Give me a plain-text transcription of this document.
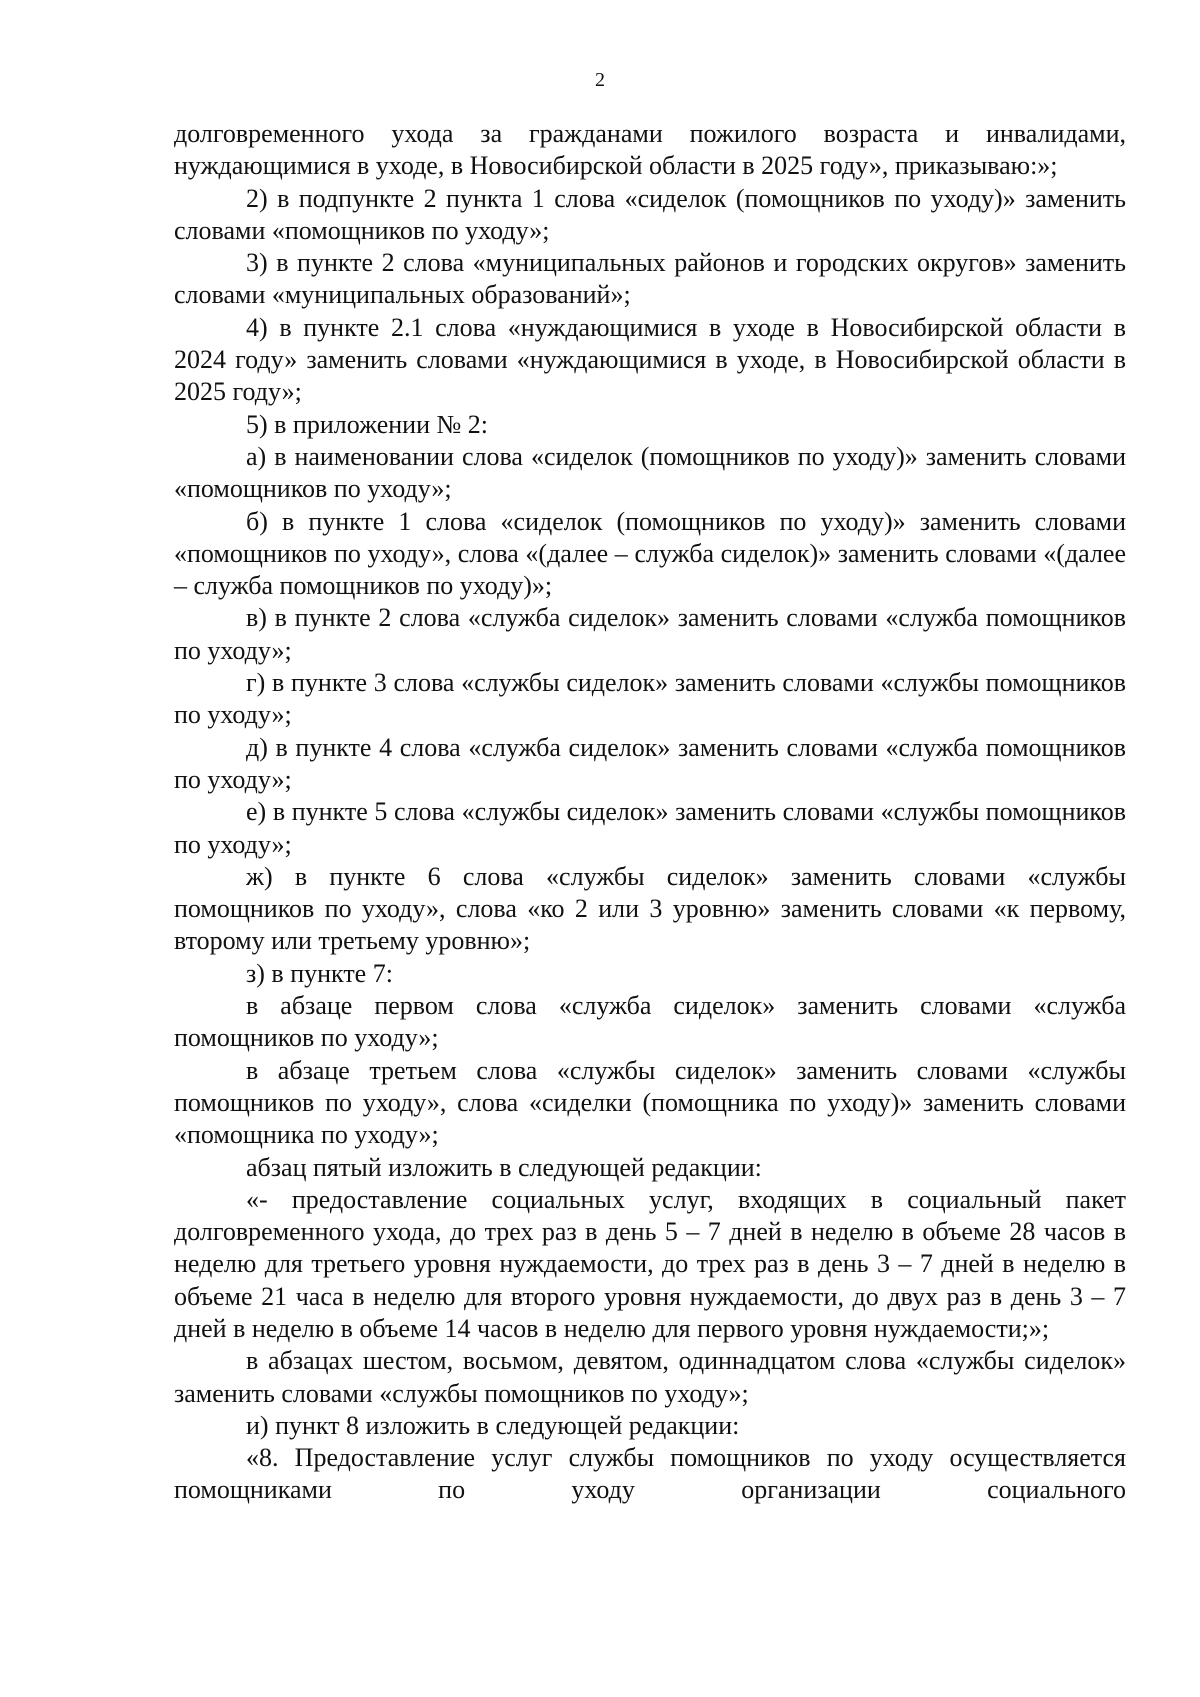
2

долговременного ухода за гражданами пожилого возраста и инвалидами, нуждающимися в уходе, в Новосибирской области в 2025 году», приказываю:»;

2) в подпункте 2 пункта 1 слова «сиделок (помощников по уходу)» заменить словами «помощников по уходу»;

3) в пункте 2 слова «муниципальных районов и городских округов» заменить словами «муниципальных образований»;

4) в пункте 2.1 слова «нуждающимися в уходе в Новосибирской области в 2024 году» заменить словами «нуждающимися в уходе, в Новосибирской области в 2025 году»;

5) в приложении № 2:

а) в наименовании слова «сиделок (помощников по уходу)» заменить словами «помощников по уходу»;

б) в пункте 1 слова «сиделок (помощников по уходу)» заменить словами «помощников по уходу», слова «(далее – служба сиделок)» заменить словами «(далее – служба помощников по уходу)»;

в) в пункте 2 слова «служба сиделок» заменить словами «служба помощников по уходу»;

г) в пункте 3 слова «службы сиделок» заменить словами «службы помощников по уходу»;

д) в пункте 4 слова «служба сиделок» заменить словами «служба помощников по уходу»;

е) в пункте 5 слова «службы сиделок» заменить словами «службы помощников по уходу»;

ж) в пункте 6 слова «службы сиделок» заменить словами «службы помощников по уходу», слова «ко 2 или 3 уровню» заменить словами «к первому, второму или третьему уровню»;

з) в пункте 7:

в абзаце первом слова «служба сиделок» заменить словами «служба помощников по уходу»;

в абзаце третьем слова «службы сиделок» заменить словами «службы помощников по уходу», слова «сиделки (помощника по уходу)» заменить словами «помощника по уходу»;

абзац пятый изложить в следующей редакции:

«- предоставление социальных услуг, входящих в социальный пакет долговременного ухода, до трех раз в день 5 – 7 дней в неделю в объеме 28 часов в неделю для третьего уровня нуждаемости, до трех раз в день 3 – 7 дней в неделю в объеме 21 часа в неделю для второго уровня нуждаемости, до двух раз в день 3 – 7 дней в неделю в объеме 14 часов в неделю для первого уровня нуждаемости;»;

в абзацах шестом, восьмом, девятом, одиннадцатом слова «службы сиделок» заменить словами «службы помощников по уходу»;

и) пункт 8 изложить в следующей редакции:

«8. Предоставление услуг службы помощников по уходу осуществляется помощниками по уходу организации социального
